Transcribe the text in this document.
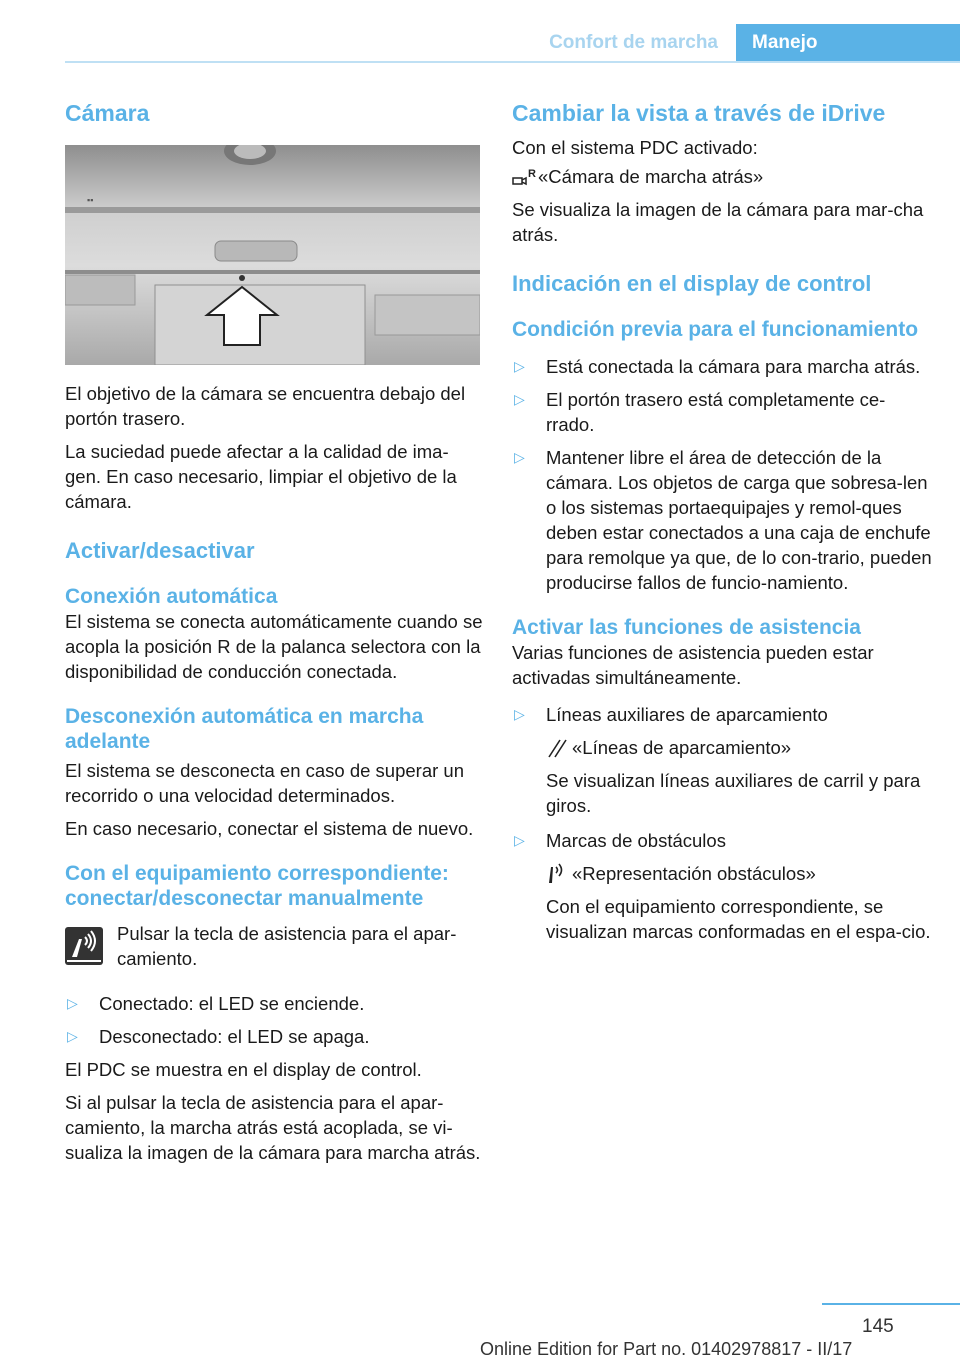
Confort de marcha	Manejo
Cámara
▪▪

El objetivo de la cámara se encuentra debajo del portón trasero.

La suciedad puede afectar a la calidad de ima‐gen. En caso necesario, limpiar el objetivo de la cámara.

Activar/desactivar
Conexión automática

El sistema se conecta automáticamente cuando se acopla la posición R de la palanca selectora con la disponibilidad de conducción conectada.

Desconexión automática en marcha adelante

El sistema se desconecta en caso de superar un recorrido o una velocidad determinados.

En caso necesario, conectar el sistema de nuevo.

Con el equipamiento correspondiente: conectar/desconectar manualmente

Pulsar la tecla de asistencia para el apar‐camiento.

▷ Conectado: el LED se enciende.
▷ Desconectado: el LED se apaga.

El PDC se muestra en el display de control.

Si al pulsar la tecla de asistencia para el apar‐camiento, la marcha atrás está acoplada, se vi‐sualiza la imagen de la cámara para marcha atrás.

Cambiar la vista a través de iDrive

Con el sistema PDC activado:

R «Cámara de marcha atrás»

Se visualiza la imagen de la cámara para mar‐cha atrás.

Indicación en el display de control
Condición previa para el funcionamiento
▷ Está conectada la cámara para marcha atrás.
▷ El portón trasero está completamente ce‐rrado.
▷ Mantener libre el área de detección de la cámara. Los objetos de carga que sobresa‐len o los sistemas portaequipajes y remol‐ques deben estar conectados a una caja de enchufe para remolque ya que, de lo con‐trario, pueden producirse fallos de funcio‐namiento.
Activar las funciones de asistencia

Varias funciones de asistencia pueden estar activadas simultáneamente.

▷ Líneas auxiliares de aparcamiento

«Líneas de aparcamiento»

Se visualizan líneas auxiliares de carril y para giros.

▷ Marcas de obstáculos

«Representación obstáculos»

Con el equipamiento correspondiente, se visualizan marcas conformadas en el espa‐cio.

145
Online Edition for Part no. 01402978817 - II/17
